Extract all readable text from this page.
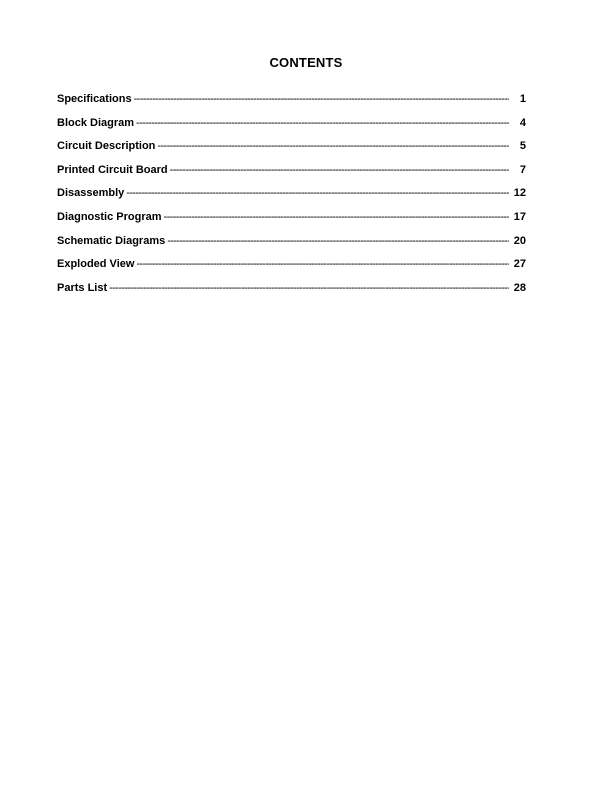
CONTENTS
Specifications -----	1
Block Diagram -----	4
Circuit Description -----	5
Printed Circuit Board -----	7
Disassembly -----	12
Diagnostic Program -----	17
Schematic Diagrams -----	20
Exploded View -----	27
Parts List -----	28
